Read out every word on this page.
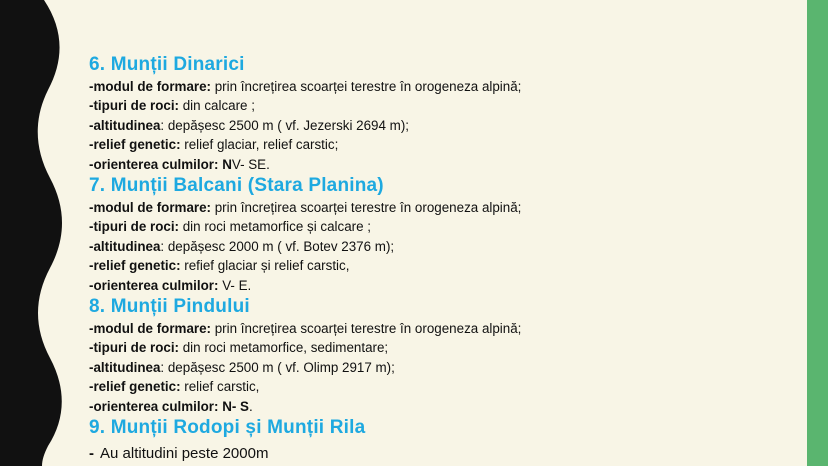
6. Munții Dinarici
-modul de formare: prin încrețirea scoarței terestre în orogeneza alpină;
-tipuri de roci: din calcare ;
-altitudinea: depășesc 2500 m ( vf. Jezerski 2694 m);
-relief genetic: relief glaciar, relief carstic;
-orienterea culmilor: NV- SE.
7. Munții Balcani (Stara Planina)
-modul de formare: prin încrețirea scoarței terestre în orogeneza alpină;
-tipuri de roci: din roci metamorfice și calcare ;
-altitudinea: depășesc 2000 m ( vf. Botev 2376 m);
-relief genetic: refief glaciar și relief carstic,
-orienterea culmilor: V- E.
8. Munții Pindului
-modul de formare: prin încrețirea scoarței terestre în orogeneza alpină;
-tipuri de roci: din roci metamorfice, sedimentare;
-altitudinea: depășesc 2500 m ( vf. Olimp 2917 m);
-relief genetic: relief carstic,
-orienterea culmilor: N- S.
9. Munții Rodopi și Munții Rila
- Au altitudini peste 2000m
